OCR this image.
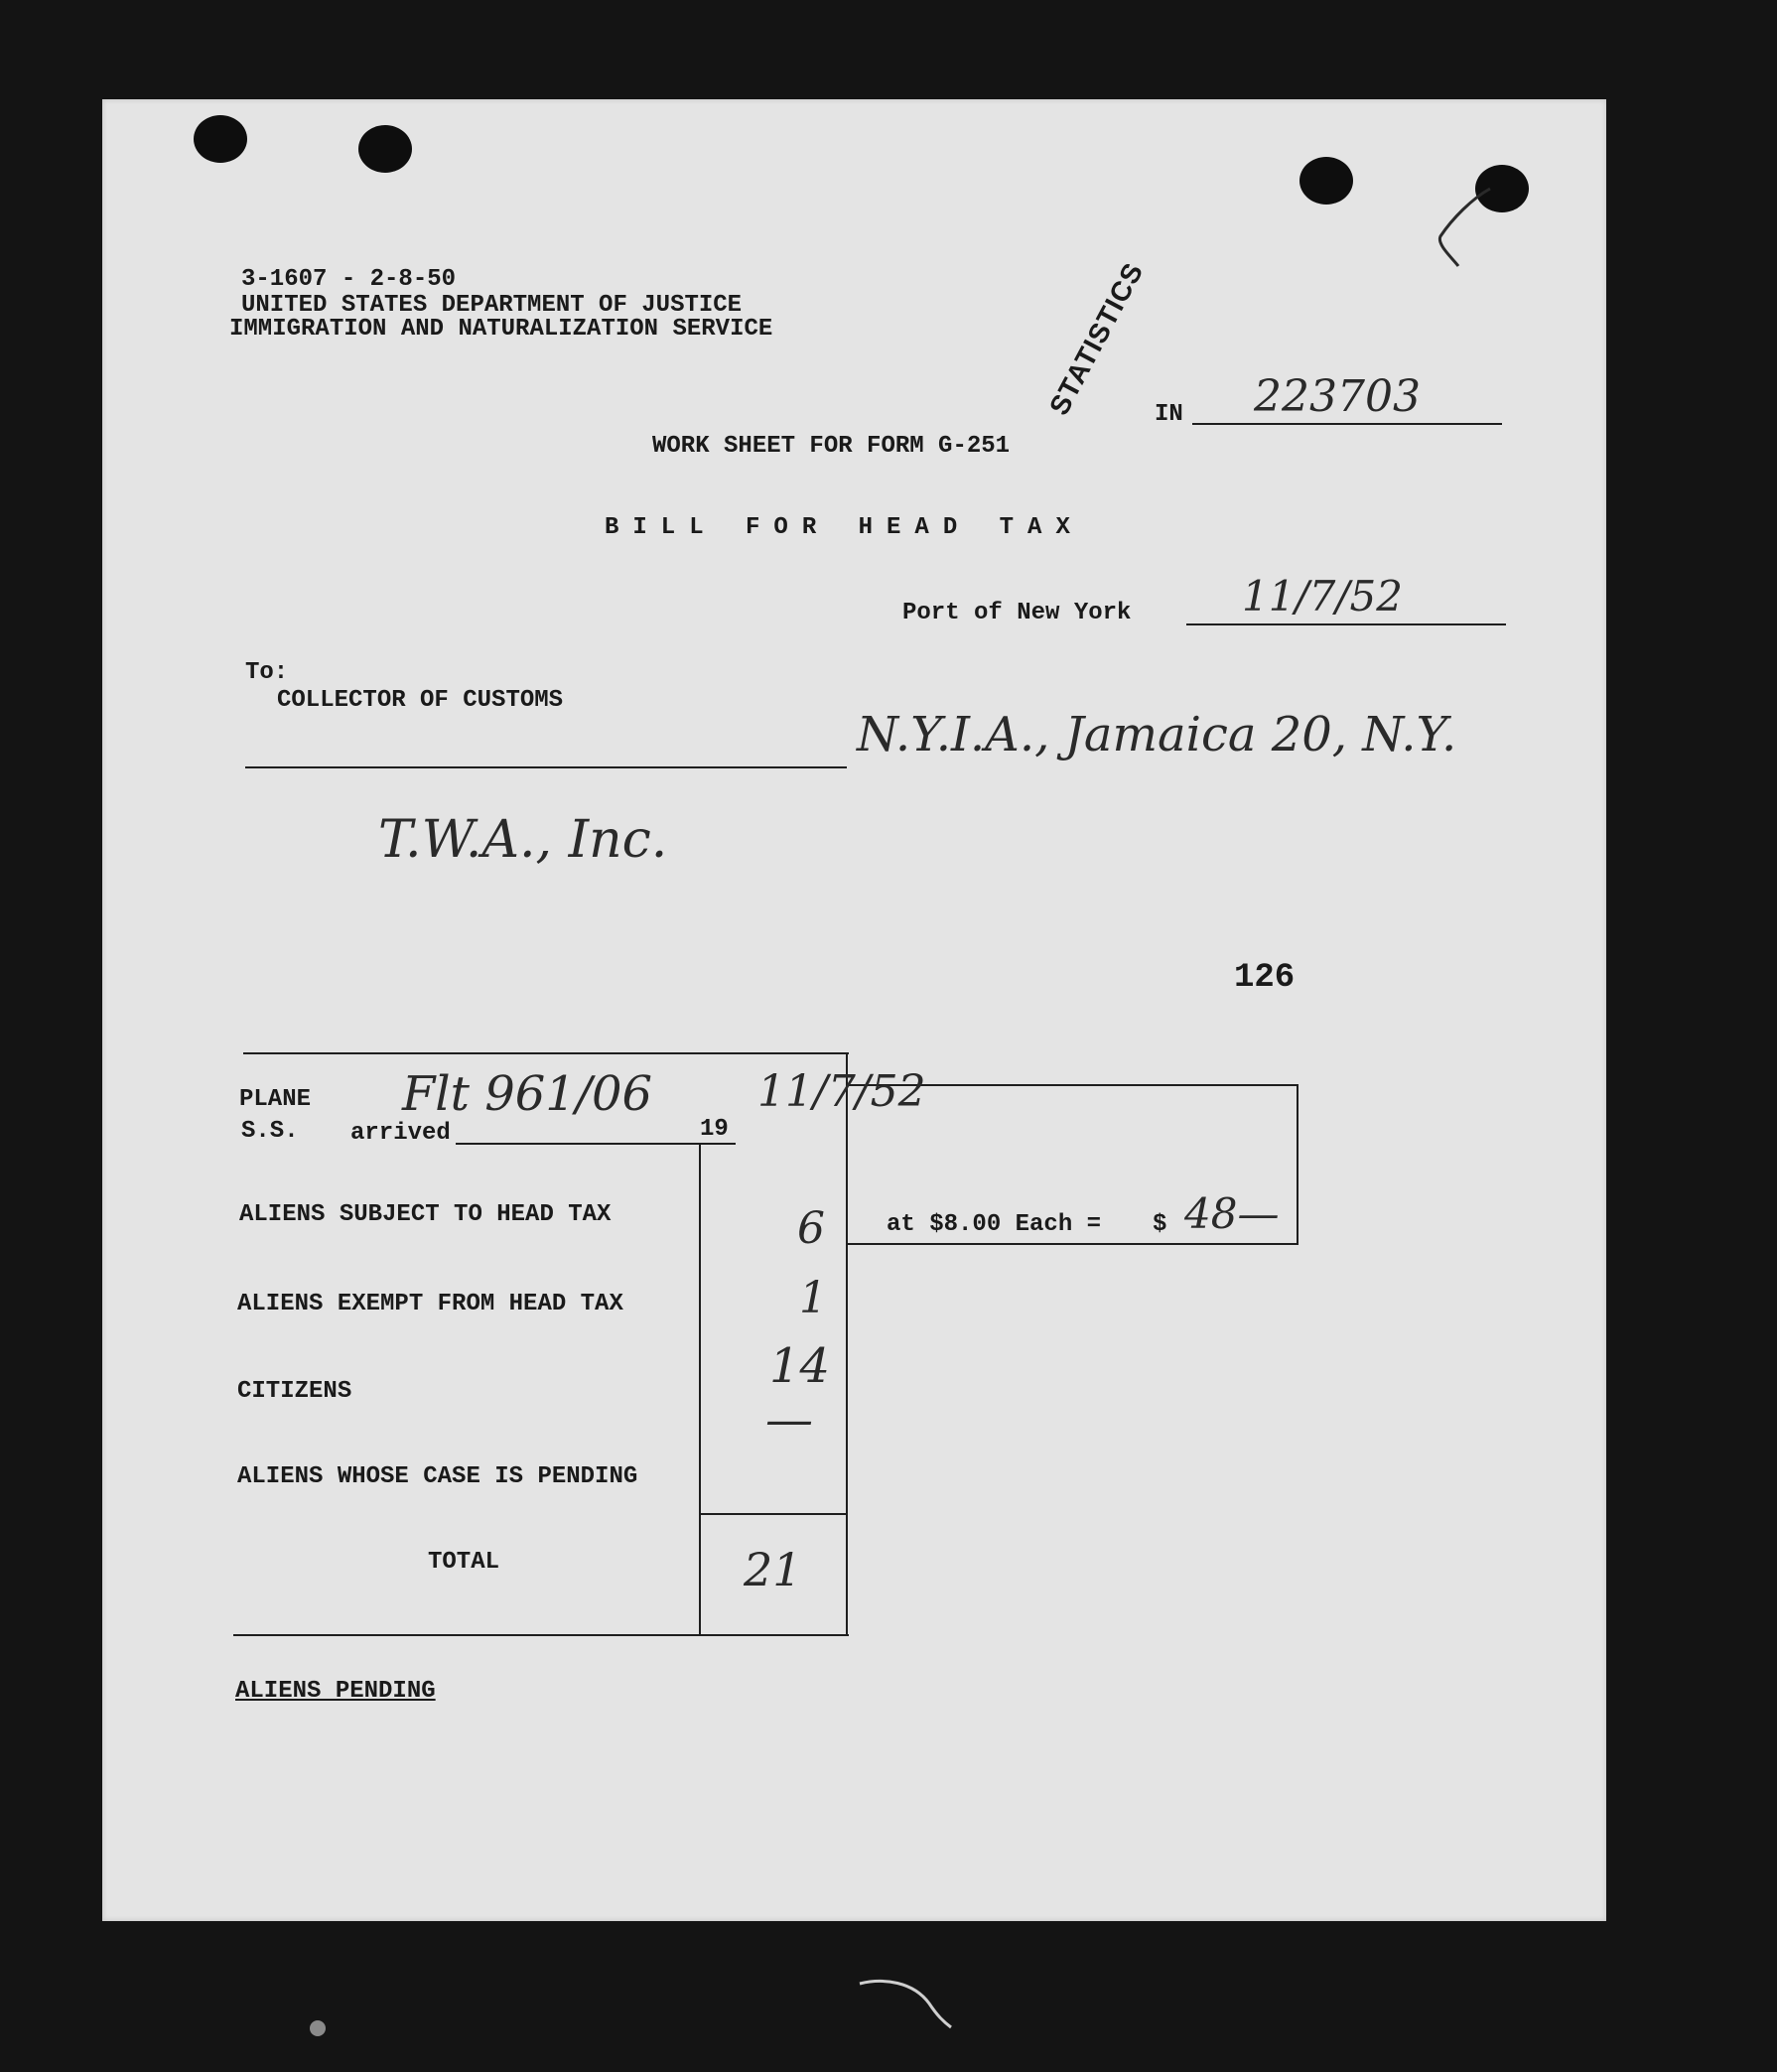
3-1607 - 2-8-50
UNITED STATES DEPARTMENT OF JUSTICE
IMMIGRATION AND NATURALIZATION SERVICE	STATISTICS IN 223703
WORK SHEET FOR FORM G-251
BILL FOR HEAD TAX
Port of New York	11/7/52
To:
COLLECTOR OF CUSTOMS
N.Y.I.A., Jamaica 20, N.Y.
T.W.A., Inc.
126
PLANE
S.S. arrived	19
Flt 961/06 11/7/52
ALIENS SUBJECT TO HEAD TAX	6	at $8.00 Each = $ 48—
ALIENS EXEMPT FROM HEAD TAX	1
CITIZENS	14
ALIENS WHOSE CASE IS PENDING
—
TOTAL	21
ALIENS PENDING
